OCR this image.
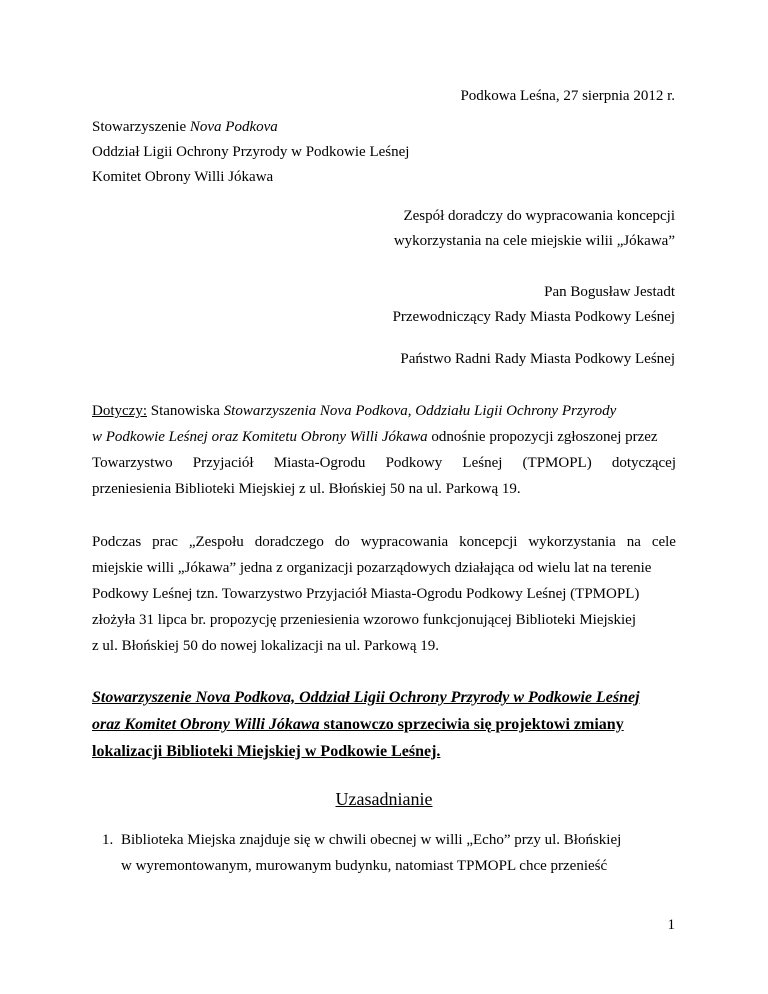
Podkowa Leśna, 27 sierpnia 2012 r.
Stowarzyszenie Nova Podkova
Oddział Ligii Ochrony Przyrody w Podkowie Leśnej
Komitet Obrony Willi Jókawa
Zespół doradczy do wypracowania koncepcji
wykorzystania na cele miejskie wilii „Jókawa”
Pan Bogusław Jestadt
Przewodniczący Rady Miasta Podkowy Leśnej
Państwo Radni Rady Miasta Podkowy Leśnej
Dotyczy: Stanowiska Stowarzyszenia Nova Podkova, Oddziału Ligii Ochrony Przyrody
w Podkowie Leśnej oraz Komitetu Obrony Willi Jókawa odnośnie propozycji zgłoszonej przez
Towarzystwo Przyjaciół Miasta-Ogrodu Podkowy Leśnej (TPMOPL) dotyczącej
przeniesienia Biblioteki Miejskiej z ul. Błońskiej 50 na ul. Parkową 19.
Podczas prac „Zespołu doradczego do wypracowania koncepcji wykorzystania na cele
miejskie willi „Jókawa” jedna z organizacji pozarządowych działająca od wielu lat na terenie
Podkowy Leśnej tzn. Towarzystwo Przyjaciół Miasta-Ogrodu Podkowy Leśnej (TPMOPL)
złożyła 31 lipca br. propozycję przeniesienia wzorowo funkcjonującej Biblioteki Miejskiej
z ul. Błońskiej 50 do nowej lokalizacji na ul. Parkową 19.
Stowarzyszenie Nova Podkova, Oddział Ligii Ochrony Przyrody w Podkowie Leśnej
oraz Komitet Obrony Willi Jókawa stanowczo sprzeciwia się projektowi zmiany
lokalizacji Biblioteki Miejskiej w Podkowie Leśnej.
Uzasadnianie
1. Biblioteka Miejska znajduje się w chwili obecnej w willi „Echo” przy ul. Błońskiej
w wyremontowanym, murowanym budynku, natomiast TPMOPL chce przenieść
1
